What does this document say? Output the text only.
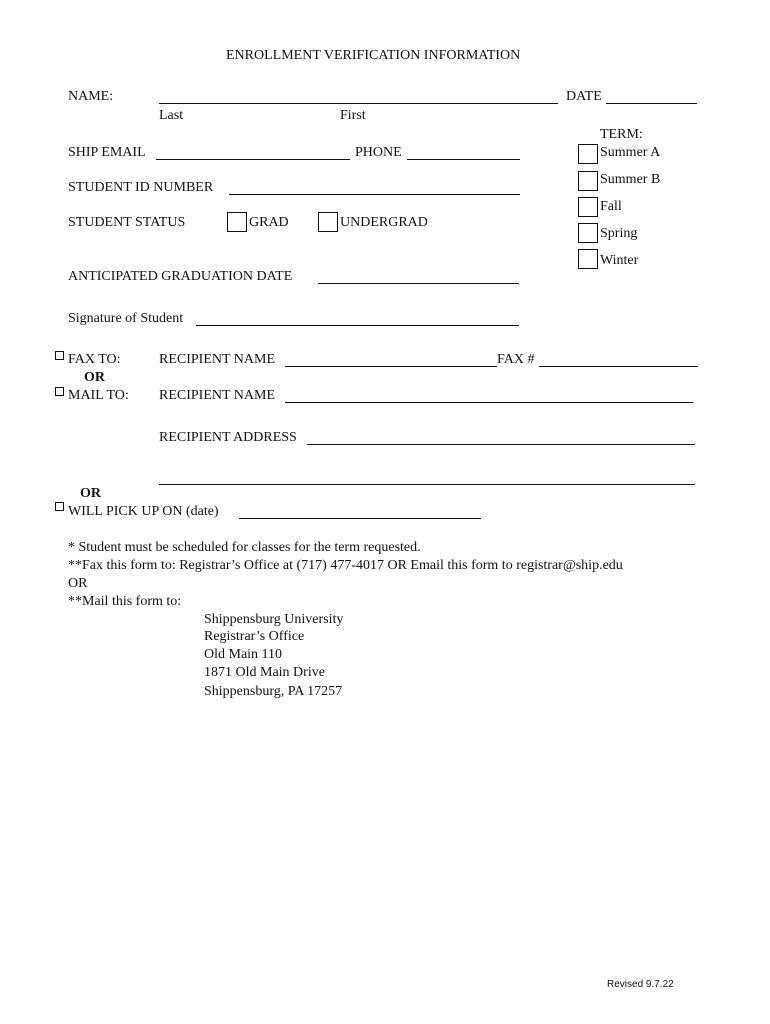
ENROLLMENT VERIFICATION INFORMATION
NAME:
Last	First
DATE
TERM:
Summer A
Summer B
Fall
Spring
Winter
SHIP EMAIL	PHONE
STUDENT ID NUMBER
STUDENT STATUS	GRAD	UNDERGRAD
ANTICIPATED GRADUATION DATE
Signature of Student
FAX TO:	RECIPIENT NAME	FAX #
OR
MAIL TO: RECIPIENT NAME
RECIPIENT ADDRESS
OR
WILL PICK UP ON (date)
* Student must be scheduled for classes for the term requested.
**Fax this form to: Registrar’s Office at (717) 477-4017 OR Email this form to registrar@ship.edu
OR
**Mail this form to:
Shippensburg University
Registrar’s Office
Old Main 110
1871 Old Main Drive
Shippensburg, PA 17257
Revised 9.7.22
